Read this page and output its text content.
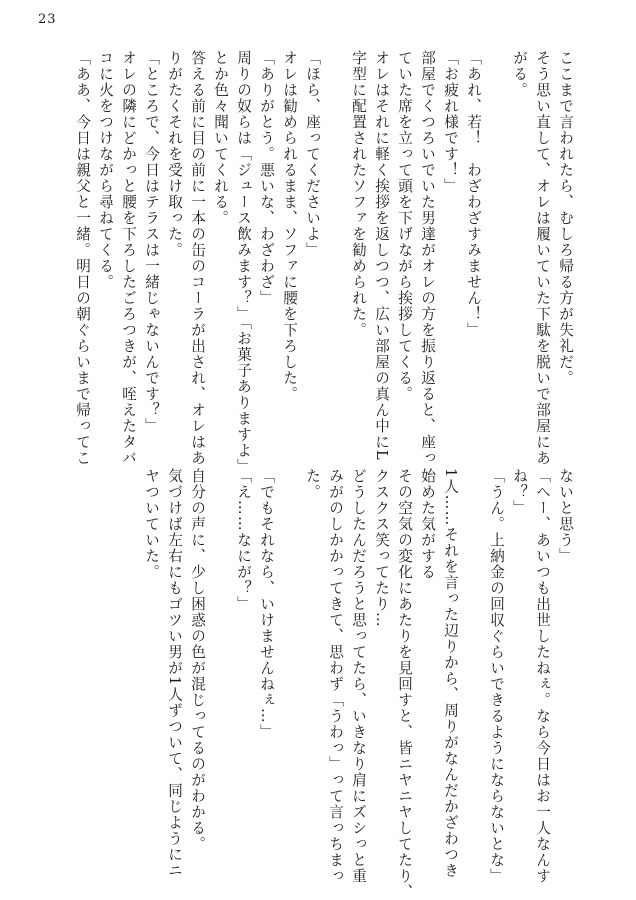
23
ここまで言われたら、むしろ帰る方が失礼だ。
そう思い直して、オレは履いていた下駄を脱いで部屋にあ
がる。
「あれ、若！　わざわざすみません！」
「お疲れ様です！」
部屋でくつろいでいた男達がオレの方を振り返ると、座っ
ていた席を立って頭を下げながら挨拶してくる。
オレはそれに軽く挨拶を返しつつ、広い部屋の真ん中にL
字型に配置されたソファを勧められた。
「ほら、座ってくださいよ」
オレは勧められるまま、ソファに腰を下ろした。
「ありがとう。悪いな、わざわざ」
周りの奴らは「ジュース飲みます？」「お菓子ありますよ」
とか色々聞いてくれる。
答える前に目の前に一本の缶のコーラが出され、オレはあ
りがたくそれを受け取った。
「ところで、今日はテラスは一緒じゃないんです？」
オレの隣にどかっと腰を下ろしたごろつきが、咥えたタバ
コに火をつけながら尋ねてくる。
「ああ、今日は親父と一緒。明日の朝ぐらいまで帰ってこ
ないと思う」
「へー、あいつも出世したねぇ。なら今日はお一人なんす
ね？」
「うん。上納金の回収ぐらいできるようにならないとな」
1人……それを言った辺りから、周りがなんだかざわつき
始めた気がする
その空気の変化にあたりを見回すと、皆ニヤニヤしてたり、
クスクス笑ってたり…
どうしたんだろうと思ってたら、いきなり肩にズシっと重
みがのしかかってきて、思わず「うわっ」って言っちまっ
た。
「でもそれなら、いけませんねぇ…」
「え……なにが？」
自分の声に、少し困惑の色が混じってるのがわかる。
気づけば左右にもゴツい男が1人ずついて、同じようにニ
ヤついていた。
